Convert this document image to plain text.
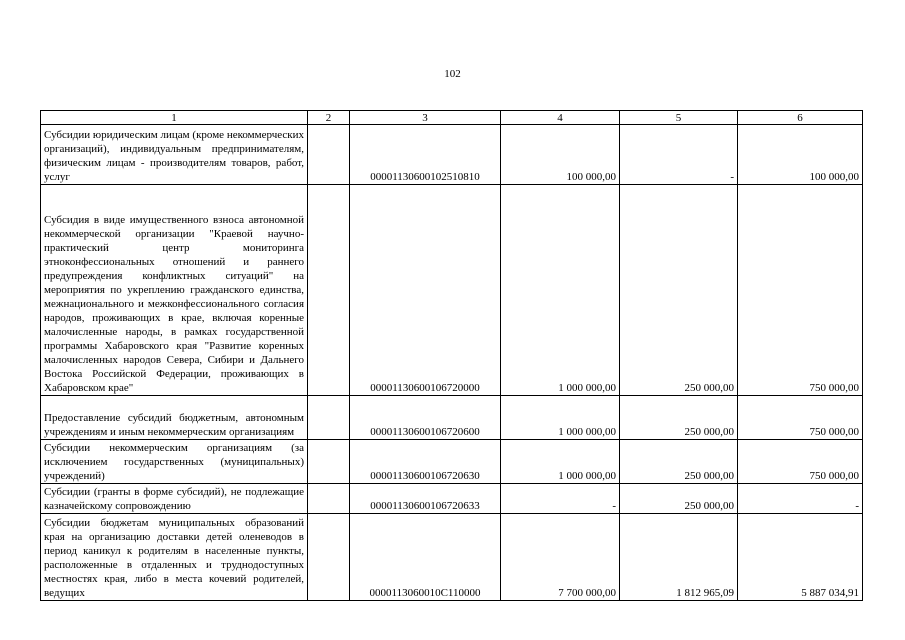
102
1	2	3	4	5	6
Субсидии юридическим лицам (кроме некоммерческих организаций), индивидуальным предпринимателям, физическим лицам - производителям товаров, работ, услуг		00001130600102510810	100 000,00	-	100 000,00
Субсидия в виде имущественного взноса автономной некоммерческой организации "Краевой научно-практический центр мониторинга этноконфессиональных отношений и раннего предупреждения конфликтных ситуаций" на мероприятия по укреплению гражданского единства, межнационального и межконфессионального согласия народов, проживающих в крае, включая коренные малочисленные народы, в рамках государственной программы Хабаровского края "Развитие коренных малочисленных народов Севера, Сибири и Дальнего Востока Российской Федерации, проживающих в Хабаровском крае"		00001130600106720000	1 000 000,00	250 000,00	750 000,00
Предоставление субсидий бюджетным, автономным учреждениям и иным некоммерческим организациям		00001130600106720600	1 000 000,00	250 000,00	750 000,00
Субсидии некоммерческим организациям (за исключением государственных (муниципальных) учреждений)		00001130600106720630	1 000 000,00	250 000,00	750 000,00
Субсидии (гранты в форме субсидий), не подлежащие казначейскому сопровождению		00001130600106720633	-	250 000,00	-
Субсидии бюджетам муниципальных образований края на организацию доставки детей оленеводов в период каникул к родителям в населенные пункты, расположенные в отдаленных и труднодоступных местностях края, либо в места кочевий родителей, ведущих		0000113060010С110000	7 700 000,00	1 812 965,09	5 887 034,91
